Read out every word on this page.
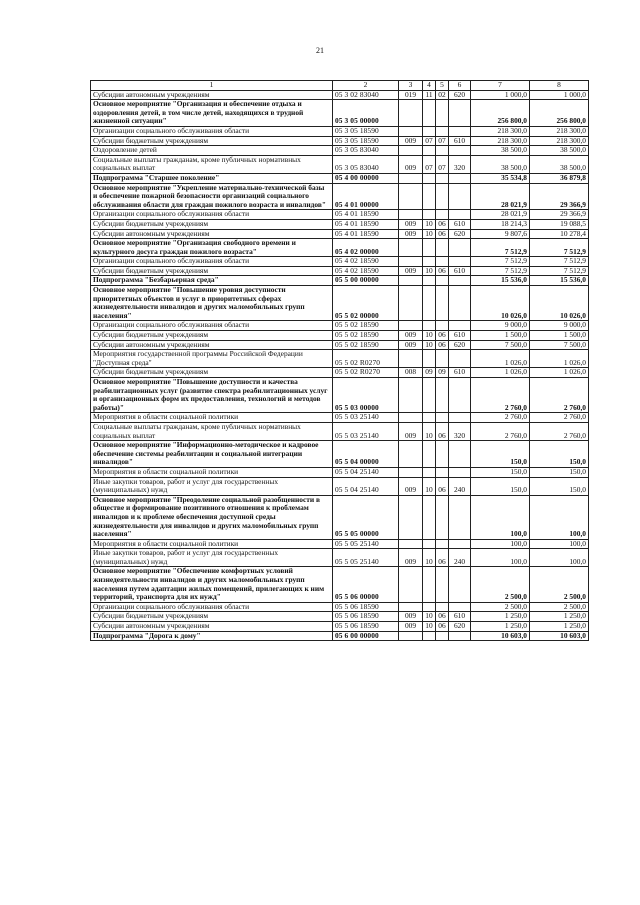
21
1	2	3	4	5	6	7	8
Субсидии автономным учреждениям	05 3 02 83040	019	11	02	620	1 000,0	1 000,0
Основное мероприятие "Организация и обеспечение отдыха и оздоровления детей, в том числе детей, находящихся в трудной жизненной ситуации"	05 3 05 00000					256 800,0	256 800,0
Организации социального обслуживания области	05 3 05 18590					218 300,0	218 300,0
Субсидии бюджетным учреждениям	05 3 05 18590	009	07	07	610	218 300,0	218 300,0
Оздоровление детей	05 3 05 83040					38 500,0	38 500,0
Социальные выплаты гражданам, кроме публичных нормативных социальных выплат	05 3 05 83040	009	07	07	320	38 500,0	38 500,0
Подпрограмма "Старшее поколение"	05 4 00 00000					35 534,8	36 879,8
Основное мероприятие "Укрепление материально-технической базы и обеспечение пожарной безопасности организаций социального обслуживания области для граждан пожилого возраста и инвалидов"	05 4 01 00000					28 021,9	29 366,9
Организации социального обслуживания области	05 4 01 18590					28 021,9	29 366,9
Субсидии бюджетным учреждениям	05 4 01 18590	009	10	06	610	18 214,3	19 088,5
Субсидии автономным учреждениям	05 4 01 18590	009	10	06	620	9 807,6	10 278,4
Основное мероприятие "Организация свободного времени и культурного досуга граждан пожилого возраста"	05 4 02 00000					7 512,9	7 512,9
Организации социального обслуживания области	05 4 02 18590					7 512,9	7 512,9
Субсидии бюджетным учреждениям	05 4 02 18590	009	10	06	610	7 512,9	7 512,9
Подпрограмма "Безбарьерная среда"	05 5 00 00000					15 536,0	15 536,0
Основное мероприятие "Повышение уровня доступности приоритетных объектов и услуг в приоритетных сферах жизнедеятельности инвалидов и других маломобильных групп населения"	05 5 02 00000					10 026,0	10 026,0
Организации социального обслуживания области	05 5 02 18590					9 000,0	9 000,0
Субсидии бюджетным учреждениям	05 5 02 18590	009	10	06	610	1 500,0	1 500,0
Субсидии автономным учреждениям	05 5 02 18590	009	10	06	620	7 500,0	7 500,0
Мероприятия государственной программы Российской Федерации "Доступная среда"	05 5 02 R0270					1 026,0	1 026,0
Субсидии бюджетным учреждениям	05 5 02 R0270	008	09	09	610	1 026,0	1 026,0
Основное мероприятие "Повышение доступности и качества реабилитационных услуг (развитие спектра реабилитационных услуг и организационных форм их предоставления, технологий и методов работы)"	05 5 03 00000					2 760,0	2 760,0
Мероприятия в области социальной политики	05 5 03 25140					2 760,0	2 760,0
Социальные выплаты гражданам, кроме публичных нормативных социальных выплат	05 5 03 25140	009	10	06	320	2 760,0	2 760,0
Основное мероприятие "Информационно-методическое и кадровое обеспечение системы реабилитации и социальной интеграции инвалидов"	05 5 04 00000					150,0	150,0
Мероприятия в области социальной политики	05 5 04 25140					150,0	150,0
Иные закупки товаров, работ и услуг для государственных (муниципальных) нужд	05 5 04 25140	009	10	06	240	150,0	150,0
Основное мероприятие "Преодоление социальной разобщенности в обществе и формирование позитивного отношения к проблемам инвалидов и к проблеме обеспечения доступной среды жизнедеятельности для инвалидов и других маломобильных групп населения"	05 5 05 00000					100,0	100,0
Мероприятия в области социальной политики	05 5 05 25140					100,0	100,0
Иные закупки товаров, работ и услуг для государственных (муниципальных) нужд	05 5 05 25140	009	10	06	240	100,0	100,0
Основное мероприятие "Обеспечение комфортных условий жизнедеятельности инвалидов и других маломобильных групп населения путем адаптации жилых помещений, прилегающих к ним территорий, транспорта для их нужд"	05 5 06 00000					2 500,0	2 500,0
Организации социального обслуживания области	05 5 06 18590					2 500,0	2 500,0
Субсидии бюджетным учреждениям	05 5 06 18590	009	10	06	610	1 250,0	1 250,0
Субсидии автономным учреждениям	05 5 06 18590	009	10	06	620	1 250,0	1 250,0
Подпрограмма "Дорога к дому"	05 6 00 00000					10 603,0	10 603,0
